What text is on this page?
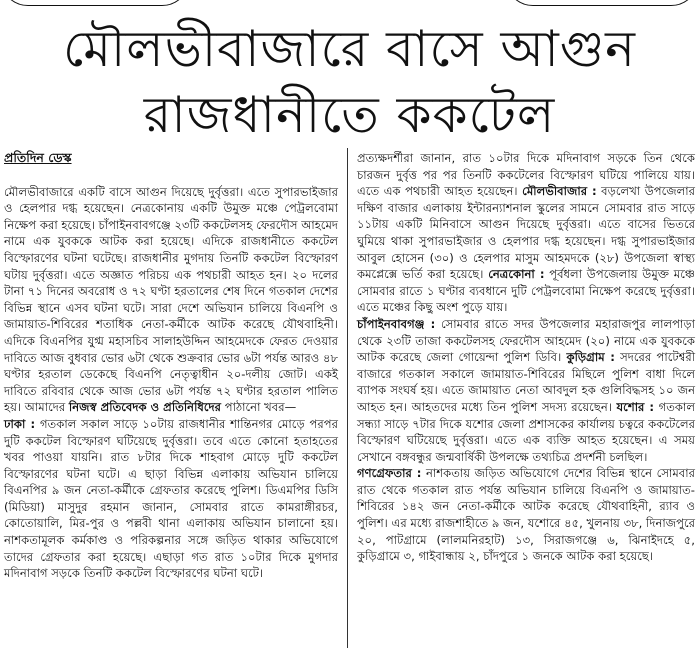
মৌলভীবাজারে বাসে আগুন
রাজধানীতে ককটেল

প্রতিদিন ডেস্ক

মৌলভীবাজারে একটি বাসে আগুন দিয়েছে দুর্বৃত্তরা। এতে সুপারভাইজার ও হেলপার দগ্ধ হয়েছেন। নেত্রকোনায় একটি উমুক্ত মঞ্চে পেট্রলবোমা নিক্ষেপ করা হয়েছে। চাঁপাইনবাবগঞ্জে ২৩টি ককটেলসহ ফেরদৌস আহমেদ নামে এক যুবককে আটক করা হয়েছে। এদিকে রাজধানীতে ককটেল বিস্ফোরণের ঘটনা ঘটেছে। রাজধানীর মুগদায় তিনটি ককটেল বিস্ফোরণ ঘটায় দুর্বৃত্তরা। এতে অজ্ঞাত পরিচয় এক পথচারী আহত হন। ২০ দলের টানা ৭১ দিনের অবরোধ ও ৭২ ঘণ্টা হরতালের শেষ দিনে গতকাল দেশের বিভিন্ন স্থানে এসব ঘটনা ঘটে। সারা দেশে অভিযান চালিয়ে বিএনপি ও জামায়াত-শিবিরের শতাধিক নেতা-কর্মীকে আটক করেছে যৌথবাহিনী। এদিকে বিএনপির যুগ্ম মহাসচিব সালাহউদ্দিন আহমেদকে ফেরত দেওয়ার দাবিতে আজ বুধবার ভোর ৬টা থেকে শুক্রবার ভোর ৬টা পর্যন্ত আরও ৪৮ ঘণ্টার হরতাল ডেকেছে বিএনপি নেতৃত্বাধীন ২০-দলীয় জোট। একই দাবিতে রবিবার থেকে আজ ভোর ৬টা পর্যন্ত ৭২ ঘণ্টার হরতাল পালিত হয়। আমাদের নিজস্ব প্রতিবেদক ও প্রতিনিধিদের পাঠানো খবর—

ঢাকা : গতকাল সকাল সাড়ে ১০টায় রাজধানীর শান্তিনগর মোড়ে পরপর দুটি ককটেল বিস্ফোরণ ঘটিয়েছে দুর্বৃত্তরা। তবে এতে কোনো হতাহতের খবর পাওয়া যায়নি। রাত ৮টার দিকে শাহবাগ মোড়ে দুটি ককটেল বিস্ফোরণের ঘটনা ঘটে। এ ছাড়া বিভিন্ন এলাকায় অভিযান চালিয়ে বিএনপির ৯ জন নেতা-কর্মীকে গ্রেফতার করেছে পুলিশ। ডিএমপির ডিসি (মিডিয়া) মাসুদুর রহমান জানান, সোমবার রাতে কামরাঙ্গীরচর, কোতোয়ালি, মির-পুর ও পল্লবী থানা এলাকায় অভিযান চালানো হয়। নাশকতামূলক কর্মকাণ্ড ও পরিকল্পনার সঙ্গে জড়িত থাকার অভিযোগে তাদের গ্রেফতার করা হয়েছে। এছাড়া গত রাত ১০টার দিকে মুগদার মদিনাবাগ সড়কে তিনটি ককটেল বিস্ফোরণের ঘটনা ঘটে।

প্রত্যক্ষদর্শীরা জানান, রাত ১০টার দিকে মদিনাবাগ সড়কে তিন থেকে চারজন দুর্বৃত্ত পর পর তিনটি ককটেলের বিস্ফোরণ ঘটিয়ে পালিয়ে যায়। এতে এক পথচারী আহত হয়েছেন। মৌলভীবাজার : বড়লেখা উপজেলার দক্ষিণ বাজার এলাকায় ইন্টারন্যাশনাল স্কুলের সামনে সোমবার রাত সাড়ে ১১টায় একটি মিনিবাসে আগুন দিয়েছে দুর্বৃত্তরা। এতে বাসের ভিতরে ঘুমিয়ে থাকা সুপারভাইজার ও হেলপার দগ্ধ হয়েছেন। দগ্ধ সুপারভাইজার আবুল হোসেন (৩০) ও হেলপার মাসুম আহমদকে (২৮) উপজেলা স্বাস্থ্য কমপ্লেক্সে ভর্তি করা হয়েছে। নেত্রকোনা : পূর্বধলা উপজেলায় উমুক্ত মঞ্চে সোমবার রাতে ১ ঘণ্টার ব্যবধানে দুটি পেট্রলবোমা নিক্ষেপ করেছে দুর্বৃত্তরা। এতে মঞ্চের কিছু অংশ পুড়ে যায়।

চাঁপাইনবাবগঞ্জ : সোমবার রাতে সদর উপজেলার মহারাজপুর লালপাড়া থেকে ২৩টি তাজা ককটেলসহ ফেরদৌস আহমেদ (২০) নামে এক যুবককে আটক করেছে জেলা গোয়েন্দা পুলিশ ডিবি। কুড়িগ্রাম : সদরের পাটেশ্বরী বাজারে গতকাল সকালে জামায়াত-শিবিরের মিছিলে পুলিশ বাধা দিলে ব্যাপক সংঘর্ষ হয়। এতে জামায়াত নেতা আবদুল হক গুলিবিদ্ধসহ ১০ জন আহত হন। আহতদের মধ্যে তিন পুলিশ সদস্য রয়েছেন। যশোর : গতকাল সন্ধ্যা সাড়ে ৭টার দিকে যশোর জেলা প্রশাসকের কার্যালয় চত্বরে ককটেলের বিস্ফোরণ ঘটিয়েছে দুর্বৃত্তরা। এতে এক ব্যক্তি আহত হয়েছেন। এ সময় সেখানে বঙ্গবন্ধুর জন্মবার্ষিকী উপলক্ষে তথ্যচিত্র প্রদর্শনী চলছিল।

গণগ্রেফতার : নাশকতায় জড়িত অভিযোগে দেশের বিভিন্ন স্থানে সোমবার রাত থেকে গতকাল রাত পর্যন্ত অভিযান চালিয়ে বিএনপি ও জামায়াত-শিবিরের ১৪২ জন নেতা-কর্মীকে আটক করেছে যৌথবাহিনী, র‌্যাব ও পুলিশ। এর মধ্যে রাজশাহীতে ৯ জন, যশোরে ৪৫, খুলনায় ৩৮, দিনাজপুরে ২০, পাটগ্রামে (লালমনিরহাট) ১৩, সিরাজগঞ্জে ৬, ঝিনাইদহে ৫, কুড়িগ্রামে ৩, গাইবান্ধায় ২, চাঁদপুরে ১ জনকে আটক করা হয়েছে।
